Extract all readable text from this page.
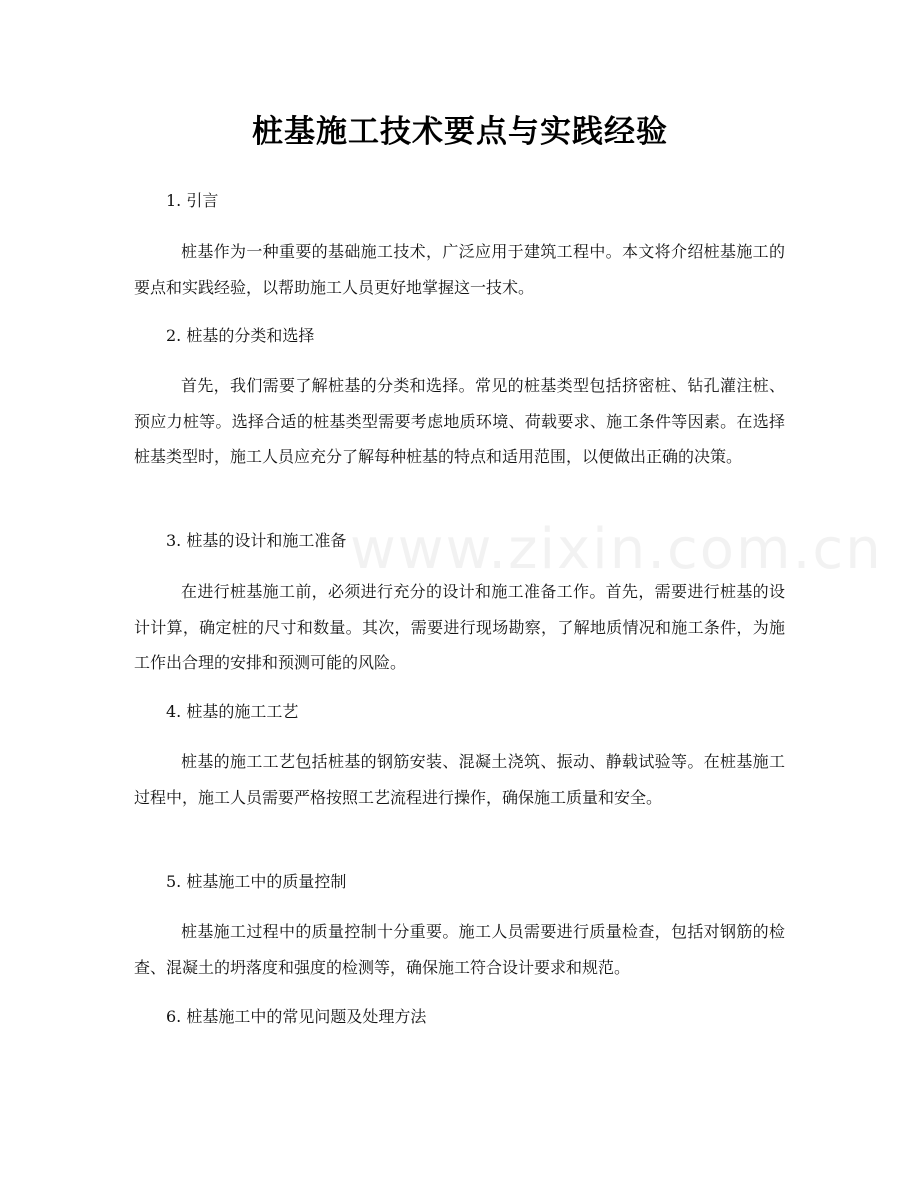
www.zixin.com.cn
桩基施工技术要点与实践经验
1. 引言
桩基作为一种重要的基础施工技术，广泛应用于建筑工程中。本文将介绍桩基施工的要点和实践经验，以帮助施工人员更好地掌握这一技术。
2. 桩基的分类和选择
首先，我们需要了解桩基的分类和选择。常见的桩基类型包括挤密桩、钻孔灌注桩、预应力桩等。选择合适的桩基类型需要考虑地质环境、荷载要求、施工条件等因素。在选择桩基类型时，施工人员应充分了解每种桩基的特点和适用范围，以便做出正确的决策。
3. 桩基的设计和施工准备
在进行桩基施工前，必须进行充分的设计和施工准备工作。首先，需要进行桩基的设计计算，确定桩的尺寸和数量。其次，需要进行现场勘察，了解地质情况和施工条件，为施工作出合理的安排和预测可能的风险。
4. 桩基的施工工艺
桩基的施工工艺包括桩基的钢筋安装、混凝土浇筑、振动、静载试验等。在桩基施工过程中，施工人员需要严格按照工艺流程进行操作，确保施工质量和安全。
5. 桩基施工中的质量控制
桩基施工过程中的质量控制十分重要。施工人员需要进行质量检查，包括对钢筋的检查、混凝土的坍落度和强度的检测等，确保施工符合设计要求和规范。
6. 桩基施工中的常见问题及处理方法
